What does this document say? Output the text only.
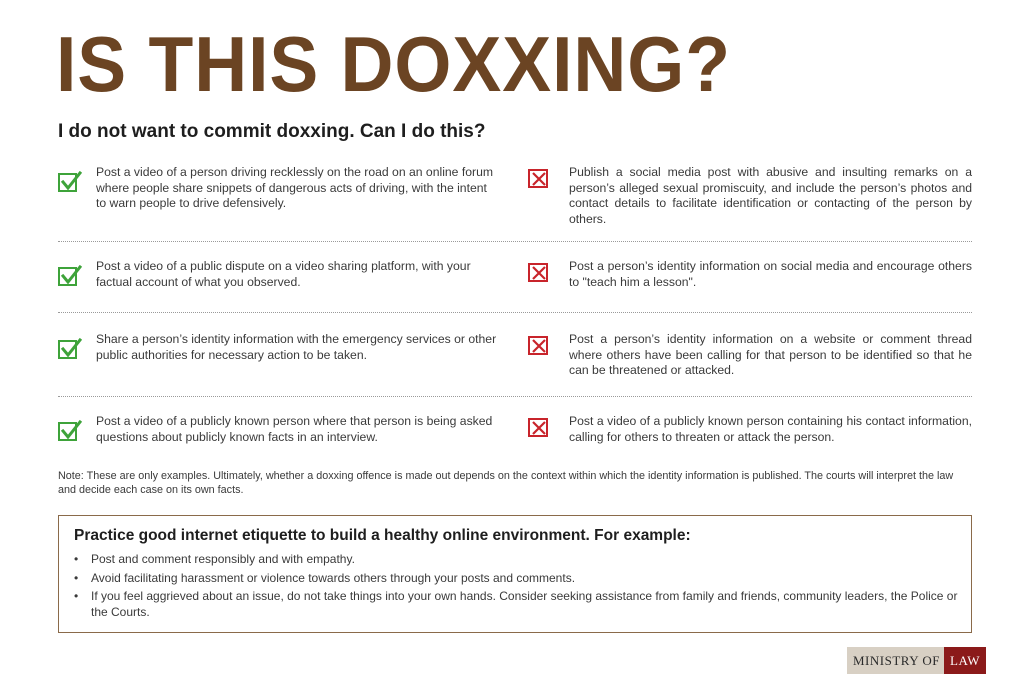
IS THIS DOXXING?
I do not want to commit doxxing. Can I do this?
Post a video of a person driving recklessly on the road on an online forum where people share snippets of dangerous acts of driving, with the intent to warn people to drive defensively.
Publish a social media post with abusive and insulting remarks on a person’s alleged sexual promiscuity, and include the person’s photos and contact details to facilitate identification or contacting of the person by others.
Post a video of a public dispute on a video sharing platform, with your factual account of what you observed.
Post a person’s identity information on social media and encourage others to "teach him a lesson".
Share a person’s identity information with the emergency services or other public authorities for necessary action to be taken.
Post a person’s identity information on a website or comment thread where others have been calling for that person to be identified so that he can be threatened or attacked.
Post a video of a publicly known person where that person is being asked questions about publicly known facts in an interview.
Post a video of a publicly known person containing his contact information, calling for others to threaten or attack the person.
Note: These are only examples. Ultimately, whether a doxxing offence is made out depends on the context within which the identity information is published. The courts will interpret the law and decide each case on its own facts.
Practice good internet etiquette to build a healthy online environment. For example:
• Post and comment responsibly and with empathy.
• Avoid facilitating harassment or violence towards others through your posts and comments.
• If you feel aggrieved about an issue, do not take things into your own hands. Consider seeking assistance from family and friends, community leaders, the Police or the Courts.
MINISTRY OF LAW
